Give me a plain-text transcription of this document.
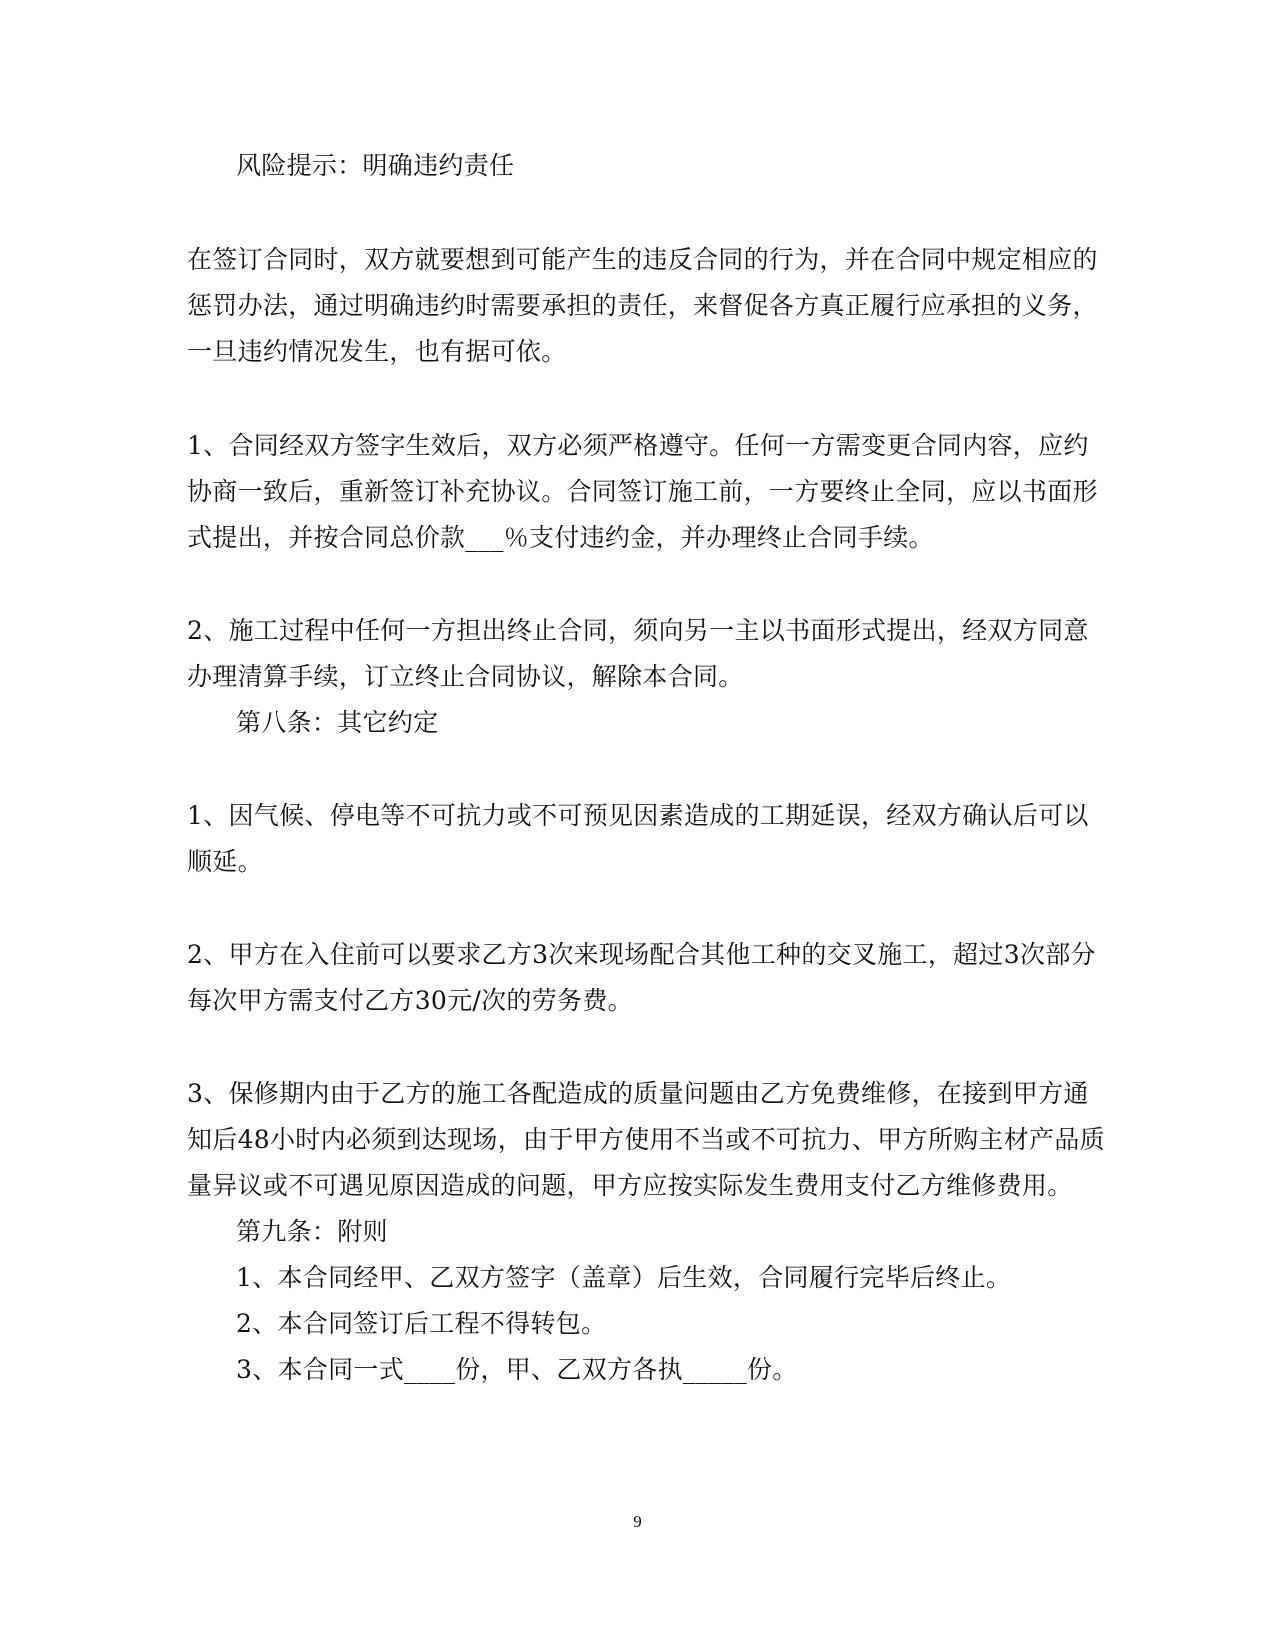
风险提示：明确违约责任
在签订合同时，双方就要想到可能产生的违反合同的行为，并在合同中规定相应的
惩罚办法，通过明确违约时需要承担的责任，来督促各方真正履行应承担的义务，
一旦违约情况发生，也有据可依。
1、合同经双方签字生效后，双方必须严格遵守。任何一方需变更合同内容，应约
协商一致后，重新签订补充协议。合同签订施工前，一方要终止全同，应以书面形
式提出，并按合同总价款___％支付违约金，并办理终止合同手续。
2、施工过程中任何一方担出终止合同，须向另一主以书面形式提出，经双方同意
办理清算手续，订立终止合同协议，解除本合同。
第八条：其它约定
1、因气候、停电等不可抗力或不可预见因素造成的工期延误，经双方确认后可以
顺延。
2、甲方在入住前可以要求乙方3次来现场配合其他工种的交叉施工，超过3次部分
每次甲方需支付乙方30元/次的劳务费。
3、保修期内由于乙方的施工各配造成的质量问题由乙方免费维修，在接到甲方通
知后48小时内必须到达现场，由于甲方使用不当或不可抗力、甲方所购主材产品质
量异议或不可遇见原因造成的问题，甲方应按实际发生费用支付乙方维修费用。
第九条：附则
1、本合同经甲、乙双方签字（盖章）后生效，合同履行完毕后终止。
2、本合同签订后工程不得转包。
3、本合同一式____份，甲、乙双方各执_____份。
9
